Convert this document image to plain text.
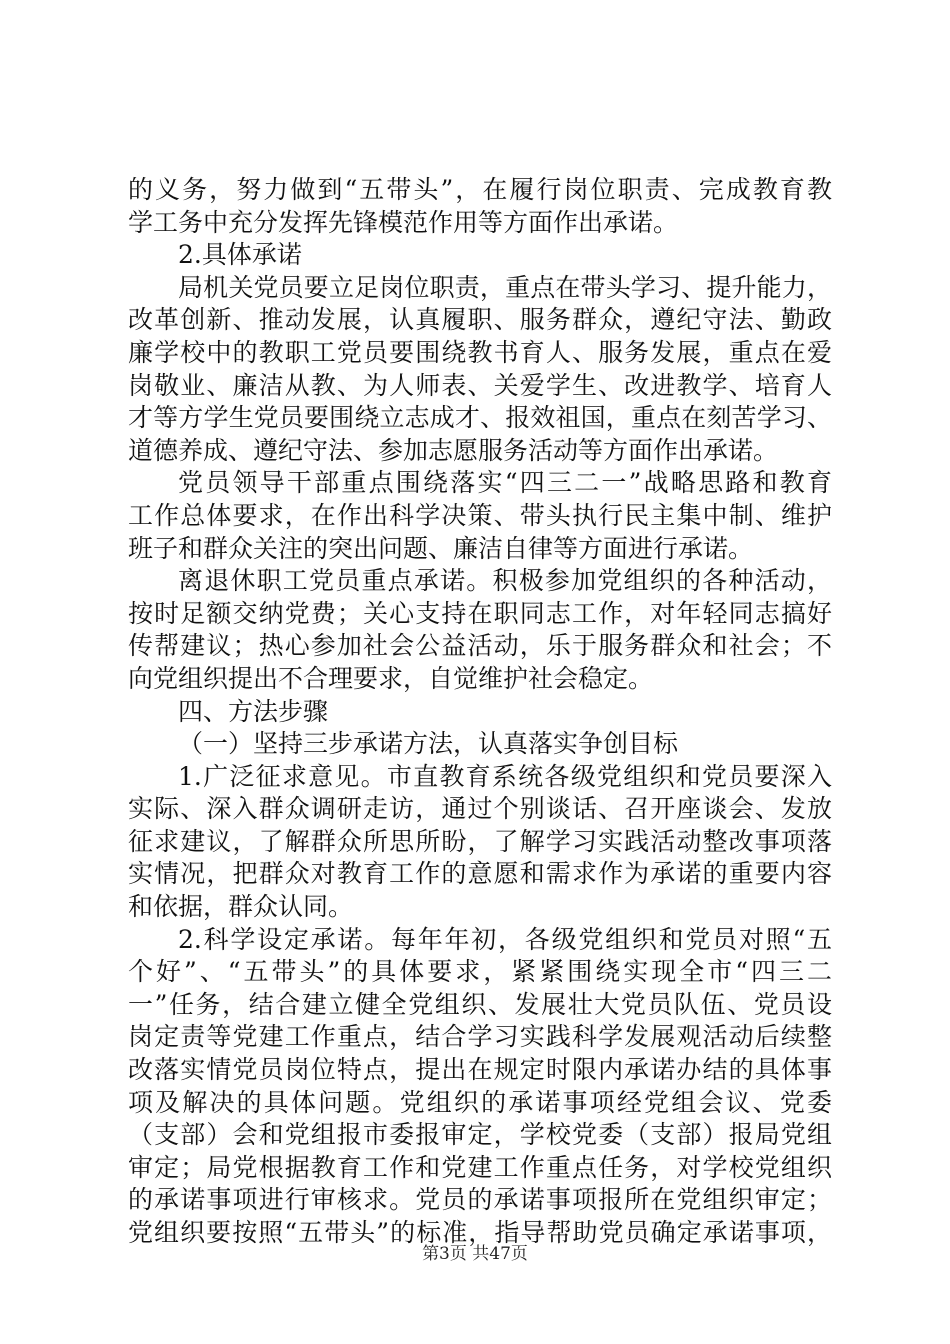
的义务，努力做到“五带头”，在履行岗位职责、完成教育教
学工务中充分发挥先锋模范作用等方面作出承诺。
2.具体承诺
局机关党员要立足岗位职责，重点在带头学习、提升能力，
改革创新、推动发展，认真履职、服务群众，遵纪守法、勤政
廉学校中的教职工党员要围绕教书育人、服务发展，重点在爱
岗敬业、廉洁从教、为人师表、关爱学生、改进教学、培育人
才等方学生党员要围绕立志成才、报效祖国，重点在刻苦学习、
道德养成、遵纪守法、参加志愿服务活动等方面作出承诺。
党员领导干部重点围绕落实“四三二一”战略思路和教育
工作总体要求，在作出科学决策、带头执行民主集中制、维护
班子和群众关注的突出问题、廉洁自律等方面进行承诺。
离退休职工党员重点承诺。积极参加党组织的各种活动，
按时足额交纳党费；关心支持在职同志工作，对年轻同志搞好
传帮建议；热心参加社会公益活动，乐于服务群众和社会；不
向党组织提出不合理要求，自觉维护社会稳定。
四、方法步骤
（一）坚持三步承诺方法，认真落实争创目标
1.广泛征求意见。市直教育系统各级党组织和党员要深入
实际、深入群众调研走访，通过个别谈话、召开座谈会、发放
征求建议，了解群众所思所盼，了解学习实践活动整改事项落
实情况，把群众对教育工作的意愿和需求作为承诺的重要内容
和依据，群众认同。
2.科学设定承诺。每年年初，各级党组织和党员对照“五
个好”、“五带头”的具体要求，紧紧围绕实现全市“四三二
一”任务，结合建立健全党组织、发展壮大党员队伍、党员设
岗定责等党建工作重点，结合学习实践科学发展观活动后续整
改落实情党员岗位特点，提出在规定时限内承诺办结的具体事
项及解决的具体问题。党组织的承诺事项经党组会议、党委
（支部）会和党组报市委报审定，学校党委（支部）报局党组
审定；局党根据教育工作和党建工作重点任务，对学校党组织
的承诺事项进行审核求。党员的承诺事项报所在党组织审定；
党组织要按照“五带头”的标准，指导帮助党员确定承诺事项，
第3页 共47页
